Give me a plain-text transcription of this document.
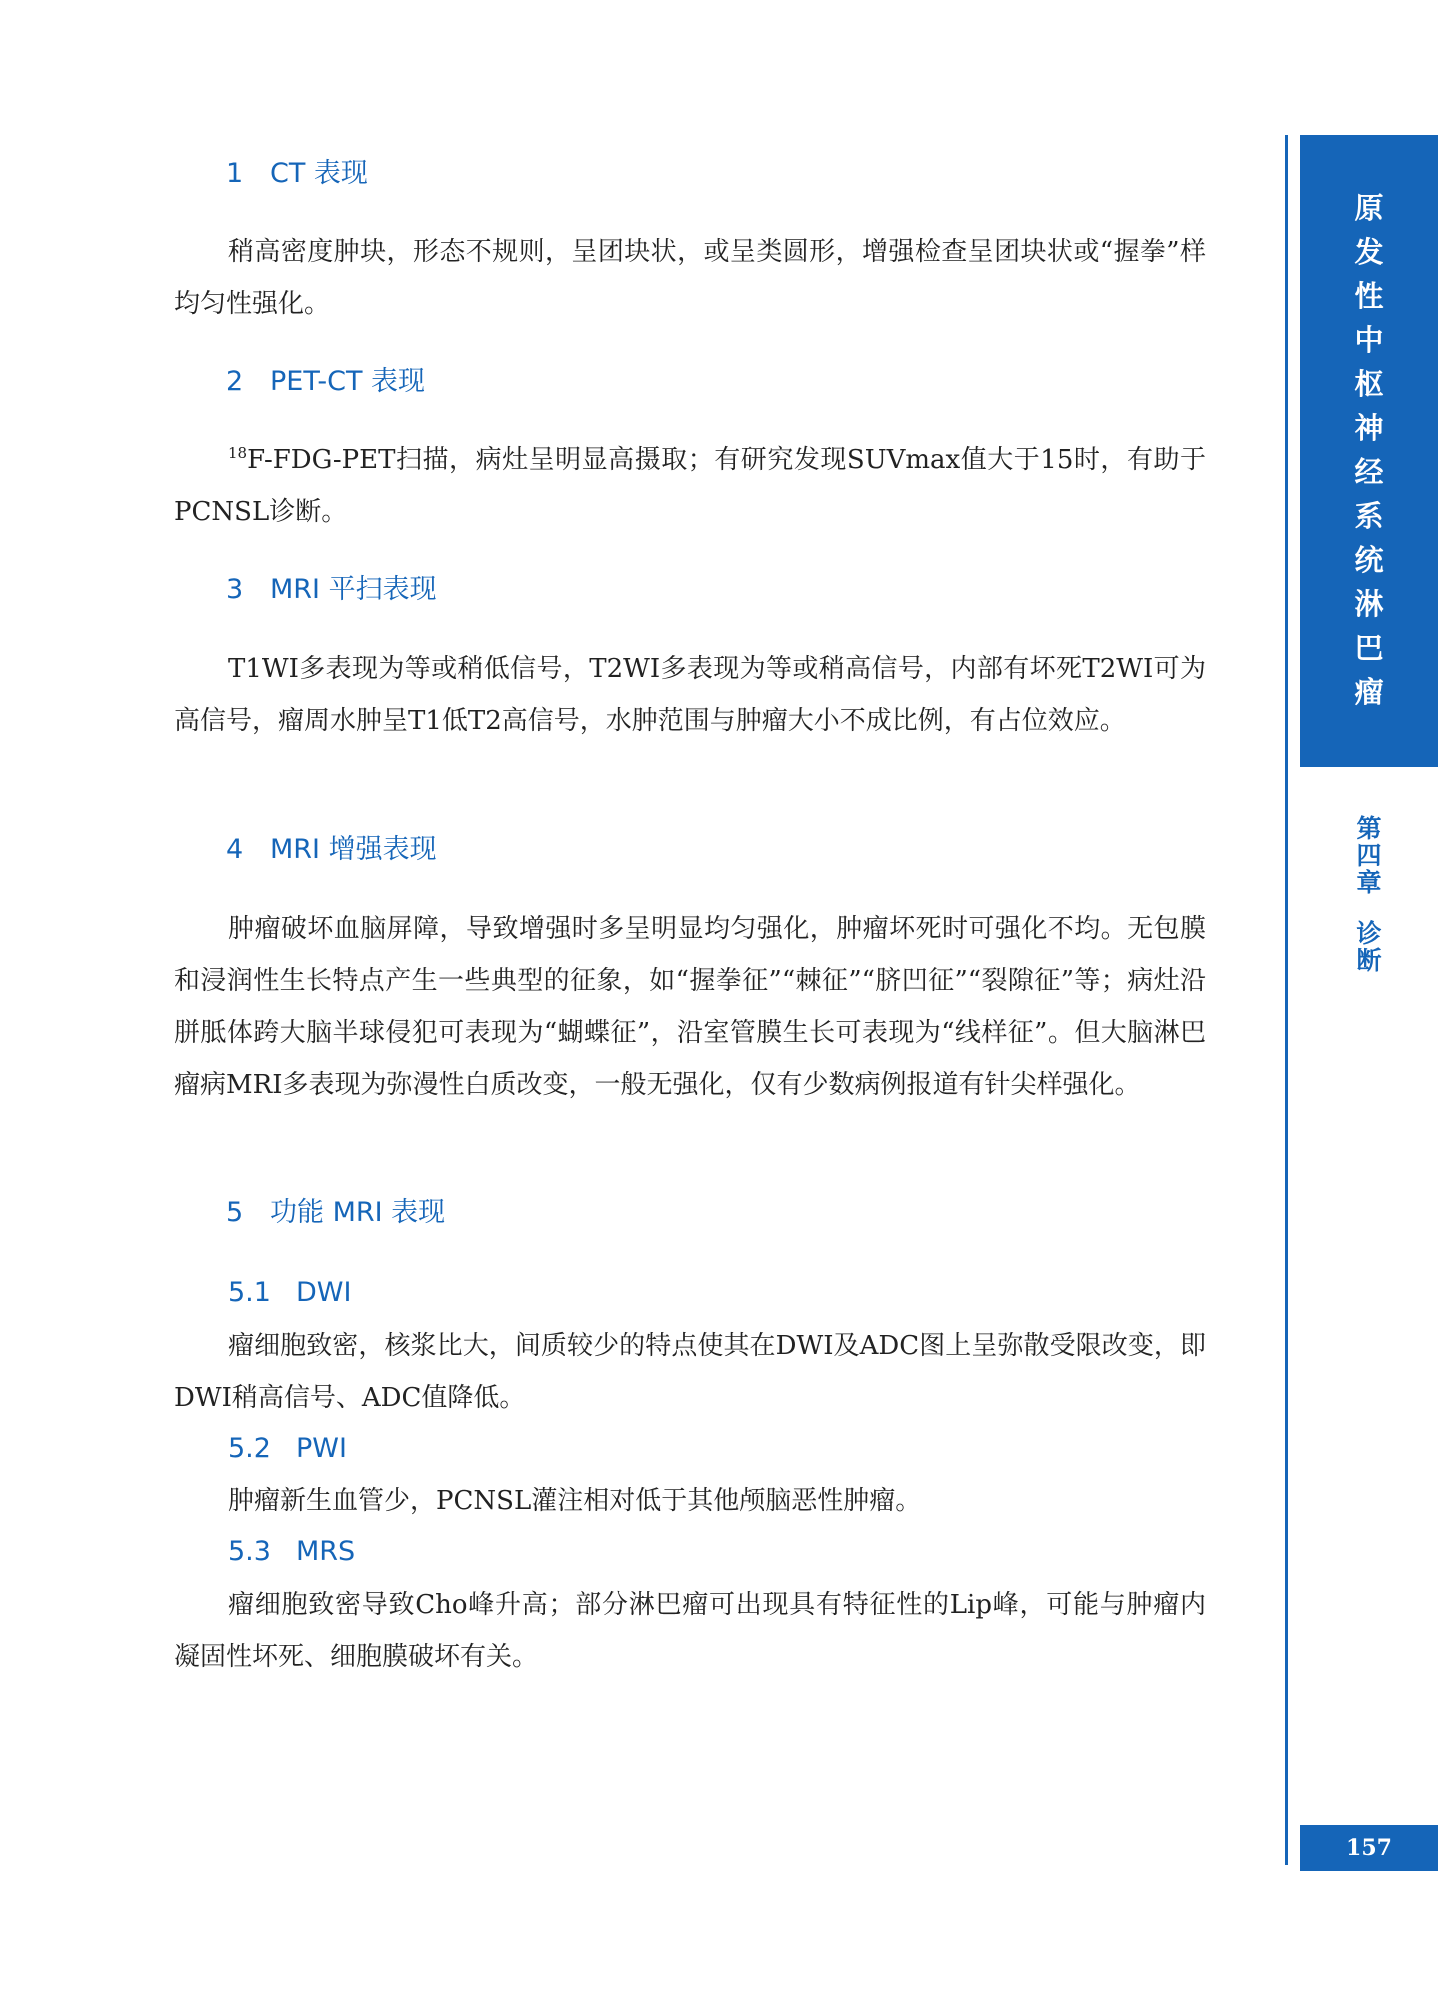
1 CT 表现

稍高密度肿块，形态不规则，呈团块状，或呈类圆形，增强检查呈团块状或“握拳”样均匀性强化。

2 PET-CT 表现

$^{18}$F-FDG-PET扫描，病灶呈明显高摄取；有研究发现SUVmax值大于15时，有助于PCNSL诊断。

3 MRI 平扫表现

T1WI多表现为等或稍低信号，T2WI多表现为等或稍高信号，内部有坏死T2WI可为高信号，瘤周水肿呈T1低T2高信号，水肿范围与肿瘤大小不成比例，有占位效应。

4 MRI 增强表现

肿瘤破坏血脑屏障，导致增强时多呈明显均匀强化，肿瘤坏死时可强化不均。无包膜和浸润性生长特点产生一些典型的征象，如“握拳征”“棘征”“脐凹征”“裂隙征”等；病灶沿胼胝体跨大脑半球侵犯可表现为“蝴蝶征”，沿室管膜生长可表现为“线样征”。但大脑淋巴瘤病MRI多表现为弥漫性白质改变，一般无强化，仅有少数病例报道有针尖样强化。

5 功能 MRI 表现
5.1 DWI

瘤细胞致密，核浆比大，间质较少的特点使其在DWI及ADC图上呈弥散受限改变，即DWI稍高信号、ADC值降低。

5.2 PWI

肿瘤新生血管少，PCNSL灌注相对低于其他颅脑恶性肿瘤。

5.3 MRS

瘤细胞致密导致Cho峰升高；部分淋巴瘤可出现具有特征性的Lip峰，可能与肿瘤内凝固性坏死、细胞膜破坏有关。

原
发
性
中
枢
神
经
系
统
淋
巴
瘤
第
四
章
诊
断
157
